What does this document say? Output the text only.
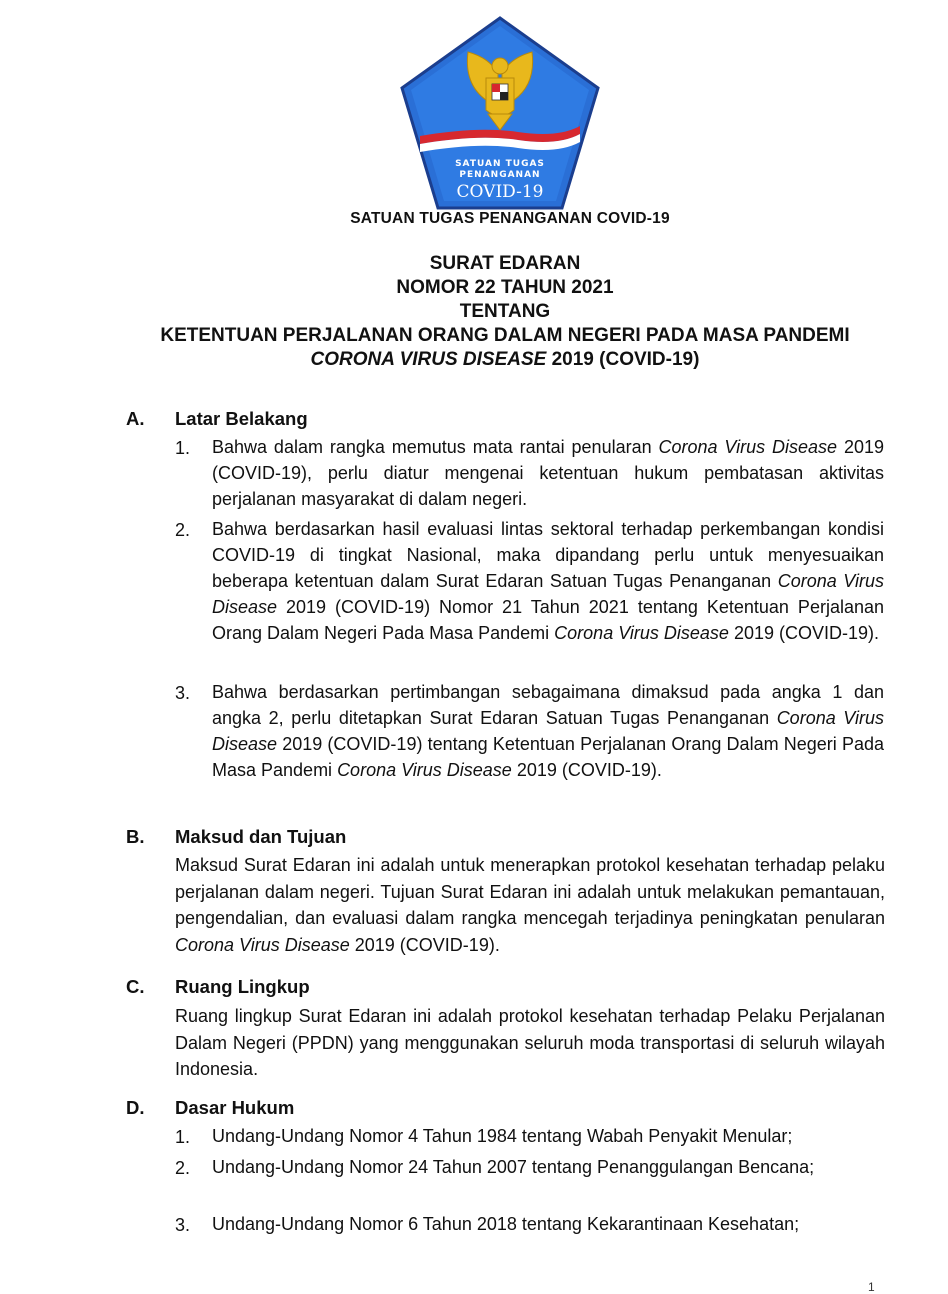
SATUAN TUGAS
PENANGANAN
COVID-19
SATUAN TUGAS PENANGANAN COVID-19
SURAT EDARAN
NOMOR 22 TAHUN 2021
TENTANG
KETENTUAN PERJALANAN ORANG DALAM NEGERI PADA MASA PANDEMI
CORONA VIRUS DISEASE 2019 (COVID-19)
A. Latar Belakang
1. Bahwa dalam rangka memutus mata rantai penularan Corona Virus Disease 2019 (COVID-19), perlu diatur mengenai ketentuan hukum pembatasan aktivitas perjalanan masyarakat di dalam negeri.
2. Bahwa berdasarkan hasil evaluasi lintas sektoral terhadap perkembangan kondisi COVID-19 di tingkat Nasional, maka dipandang perlu untuk menyesuaikan beberapa ketentuan dalam Surat Edaran Satuan Tugas Penanganan Corona Virus Disease 2019 (COVID-19) Nomor 21 Tahun 2021 tentang Ketentuan Perjalanan Orang Dalam Negeri Pada Masa Pandemi Corona Virus Disease 2019 (COVID-19).
3. Bahwa berdasarkan pertimbangan sebagaimana dimaksud pada angka 1 dan angka 2, perlu ditetapkan Surat Edaran Satuan Tugas Penanganan Corona Virus Disease 2019 (COVID-19) tentang Ketentuan Perjalanan Orang Dalam Negeri Pada Masa Pandemi Corona Virus Disease 2019 (COVID-19).
B. Maksud dan Tujuan
Maksud Surat Edaran ini adalah untuk menerapkan protokol kesehatan terhadap pelaku perjalanan dalam negeri. Tujuan Surat Edaran ini adalah untuk melakukan pemantauan, pengendalian, dan evaluasi dalam rangka mencegah terjadinya peningkatan penularan Corona Virus Disease 2019 (COVID-19).
C. Ruang Lingkup
Ruang lingkup Surat Edaran ini adalah protokol kesehatan terhadap Pelaku Perjalanan Dalam Negeri (PPDN) yang menggunakan seluruh moda transportasi di seluruh wilayah Indonesia.
D. Dasar Hukum
1. Undang-Undang Nomor 4 Tahun 1984 tentang Wabah Penyakit Menular;
2. Undang-Undang Nomor 24 Tahun 2007 tentang Penanggulangan Bencana;
3. Undang-Undang Nomor 6 Tahun 2018 tentang Kekarantinaan Kesehatan;
1
